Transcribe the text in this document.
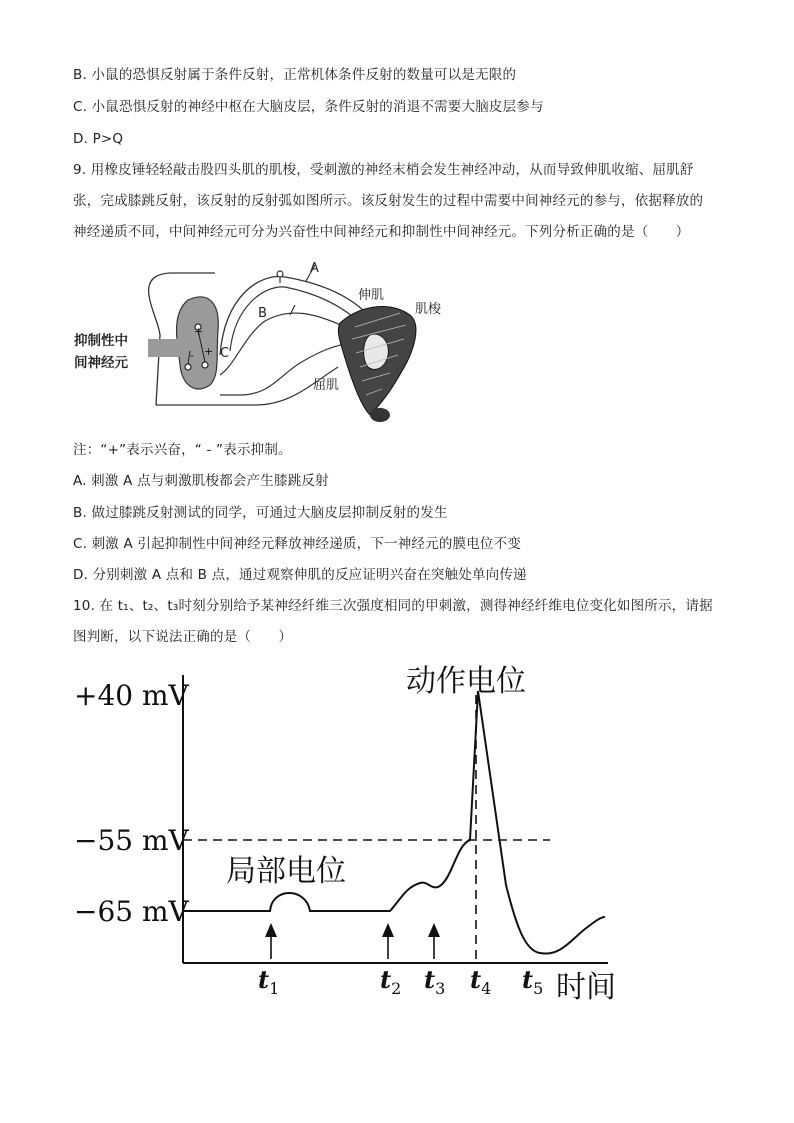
B. 小鼠的恐惧反射属于条件反射，正常机体条件反射的数量可以是无限的
C. 小鼠恐惧反射的神经中枢在大脑皮层，条件反射的消退不需要大脑皮层参与
D. P>Q
9. 用橡皮锤轻轻敲击股四头肌的肌梭，受刺激的神经末梢会发生神经冲动，从而导致伸肌收缩、屈肌舒
张，完成膝跳反射，该反射的反射弧如图所示。该反射发生的过程中需要中间神经元的参与，依据释放的
神经递质不同，中间神经元可分为兴奋性中间神经元和抑制性中间神经元。下列分析正确的是（　　）
A
B
C
伸肌
肌梭
屈肌
抑制性中
间神经元
+
+
-
注：“+”表示兴奋，“ - ”表示抑制。
A. 刺激 A 点与刺激肌梭都会产生膝跳反射
B. 做过膝跳反射测试的同学，可通过大脑皮层抑制反射的发生
C. 刺激 A 引起抑制性中间神经元释放神经递质，下一神经元的膜电位不变
D. 分别刺激 A 点和 B 点，通过观察伸肌的反应证明兴奋在突触处单向传递
10. 在 t₁、t₂、t₃时刻分别给予某神经纤维三次强度相同的甲刺激，测得神经纤维电位变化如图所示，请据
图判断，以下说法正确的是（　　）
+40 mV
−55 mV
−65 mV
动作电位
局部电位
时间
$t_1$	$t_2$ $t_3$ $t_4$ $t_5$
